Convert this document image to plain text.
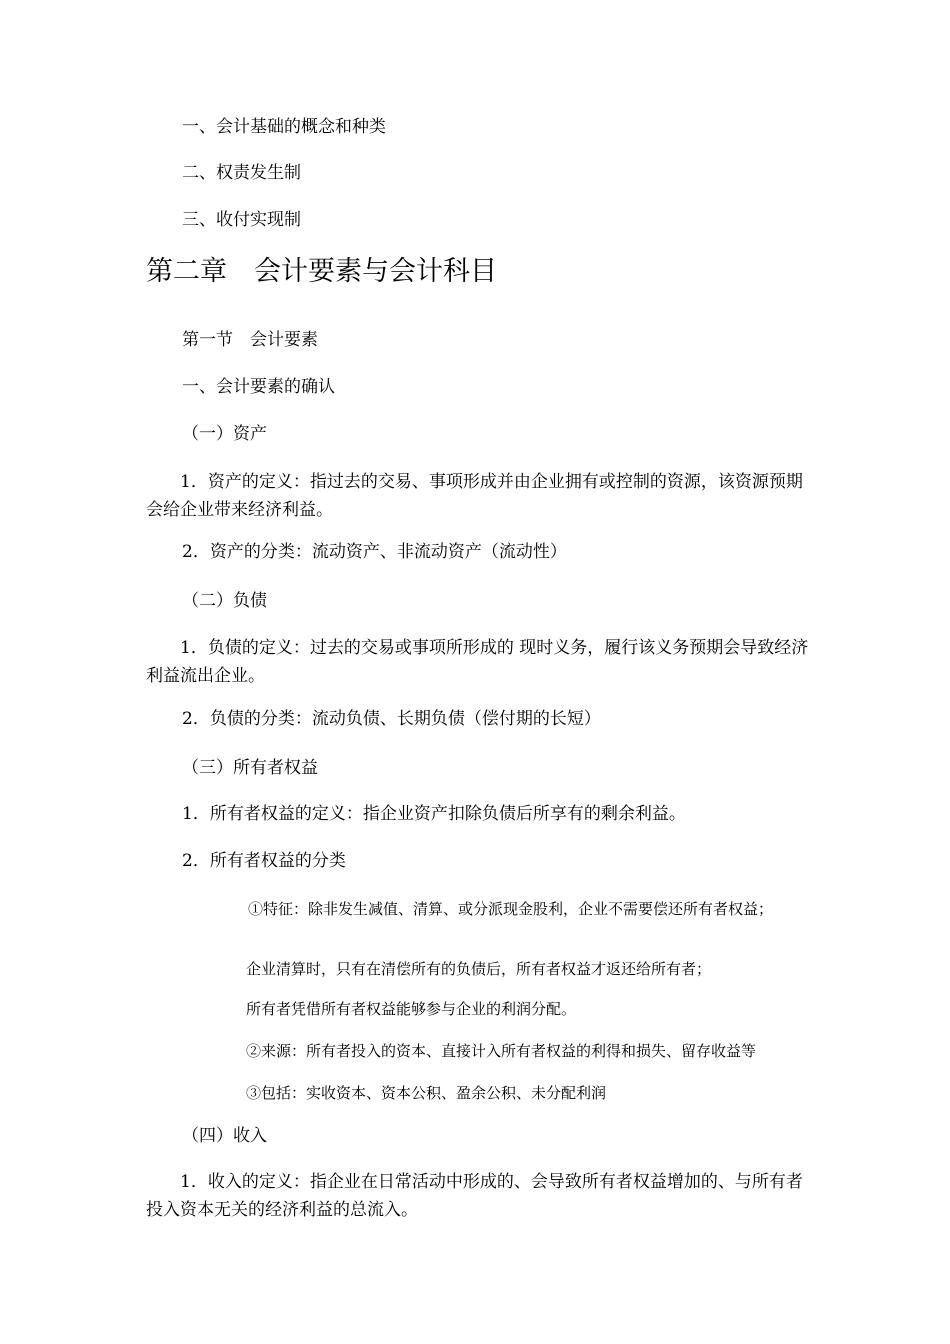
一、会计基础的概念和种类
二、权责发生制
三、收付实现制
第二章　会计要素与会计科目
第一节　会计要素
一、会计要素的确认
（一）资产
1．资产的定义：指过去的交易、事项形成并由企业拥有或控制的资源，该资源预期会给企业带来经济利益。
2．资产的分类：流动资产、非流动资产（流动性）
（二）负债
1．负债的定义：过去的交易或事项所形成的 现时义务，履行该义务预期会导致经济利益流出企业。
2．负债的分类：流动负债、长期负债（偿付期的长短）
（三）所有者权益
1．所有者权益的定义：指企业资产扣除负债后所享有的剩余利益。
2．所有者权益的分类
①特征：除非发生减值、清算、或分派现金股利，企业不需要偿还所有者权益；
企业清算时，只有在清偿所有的负债后，所有者权益才返还给所有者；
所有者凭借所有者权益能够参与企业的利润分配。
②来源：所有者投入的资本、直接计入所有者权益的利得和损失、留存收益等
③包括：实收资本、资本公积、盈余公积、未分配利润
（四）收入
1．收入的定义：指企业在日常活动中形成的、会导致所有者权益增加的、与所有者投入资本无关的经济利益的总流入。
